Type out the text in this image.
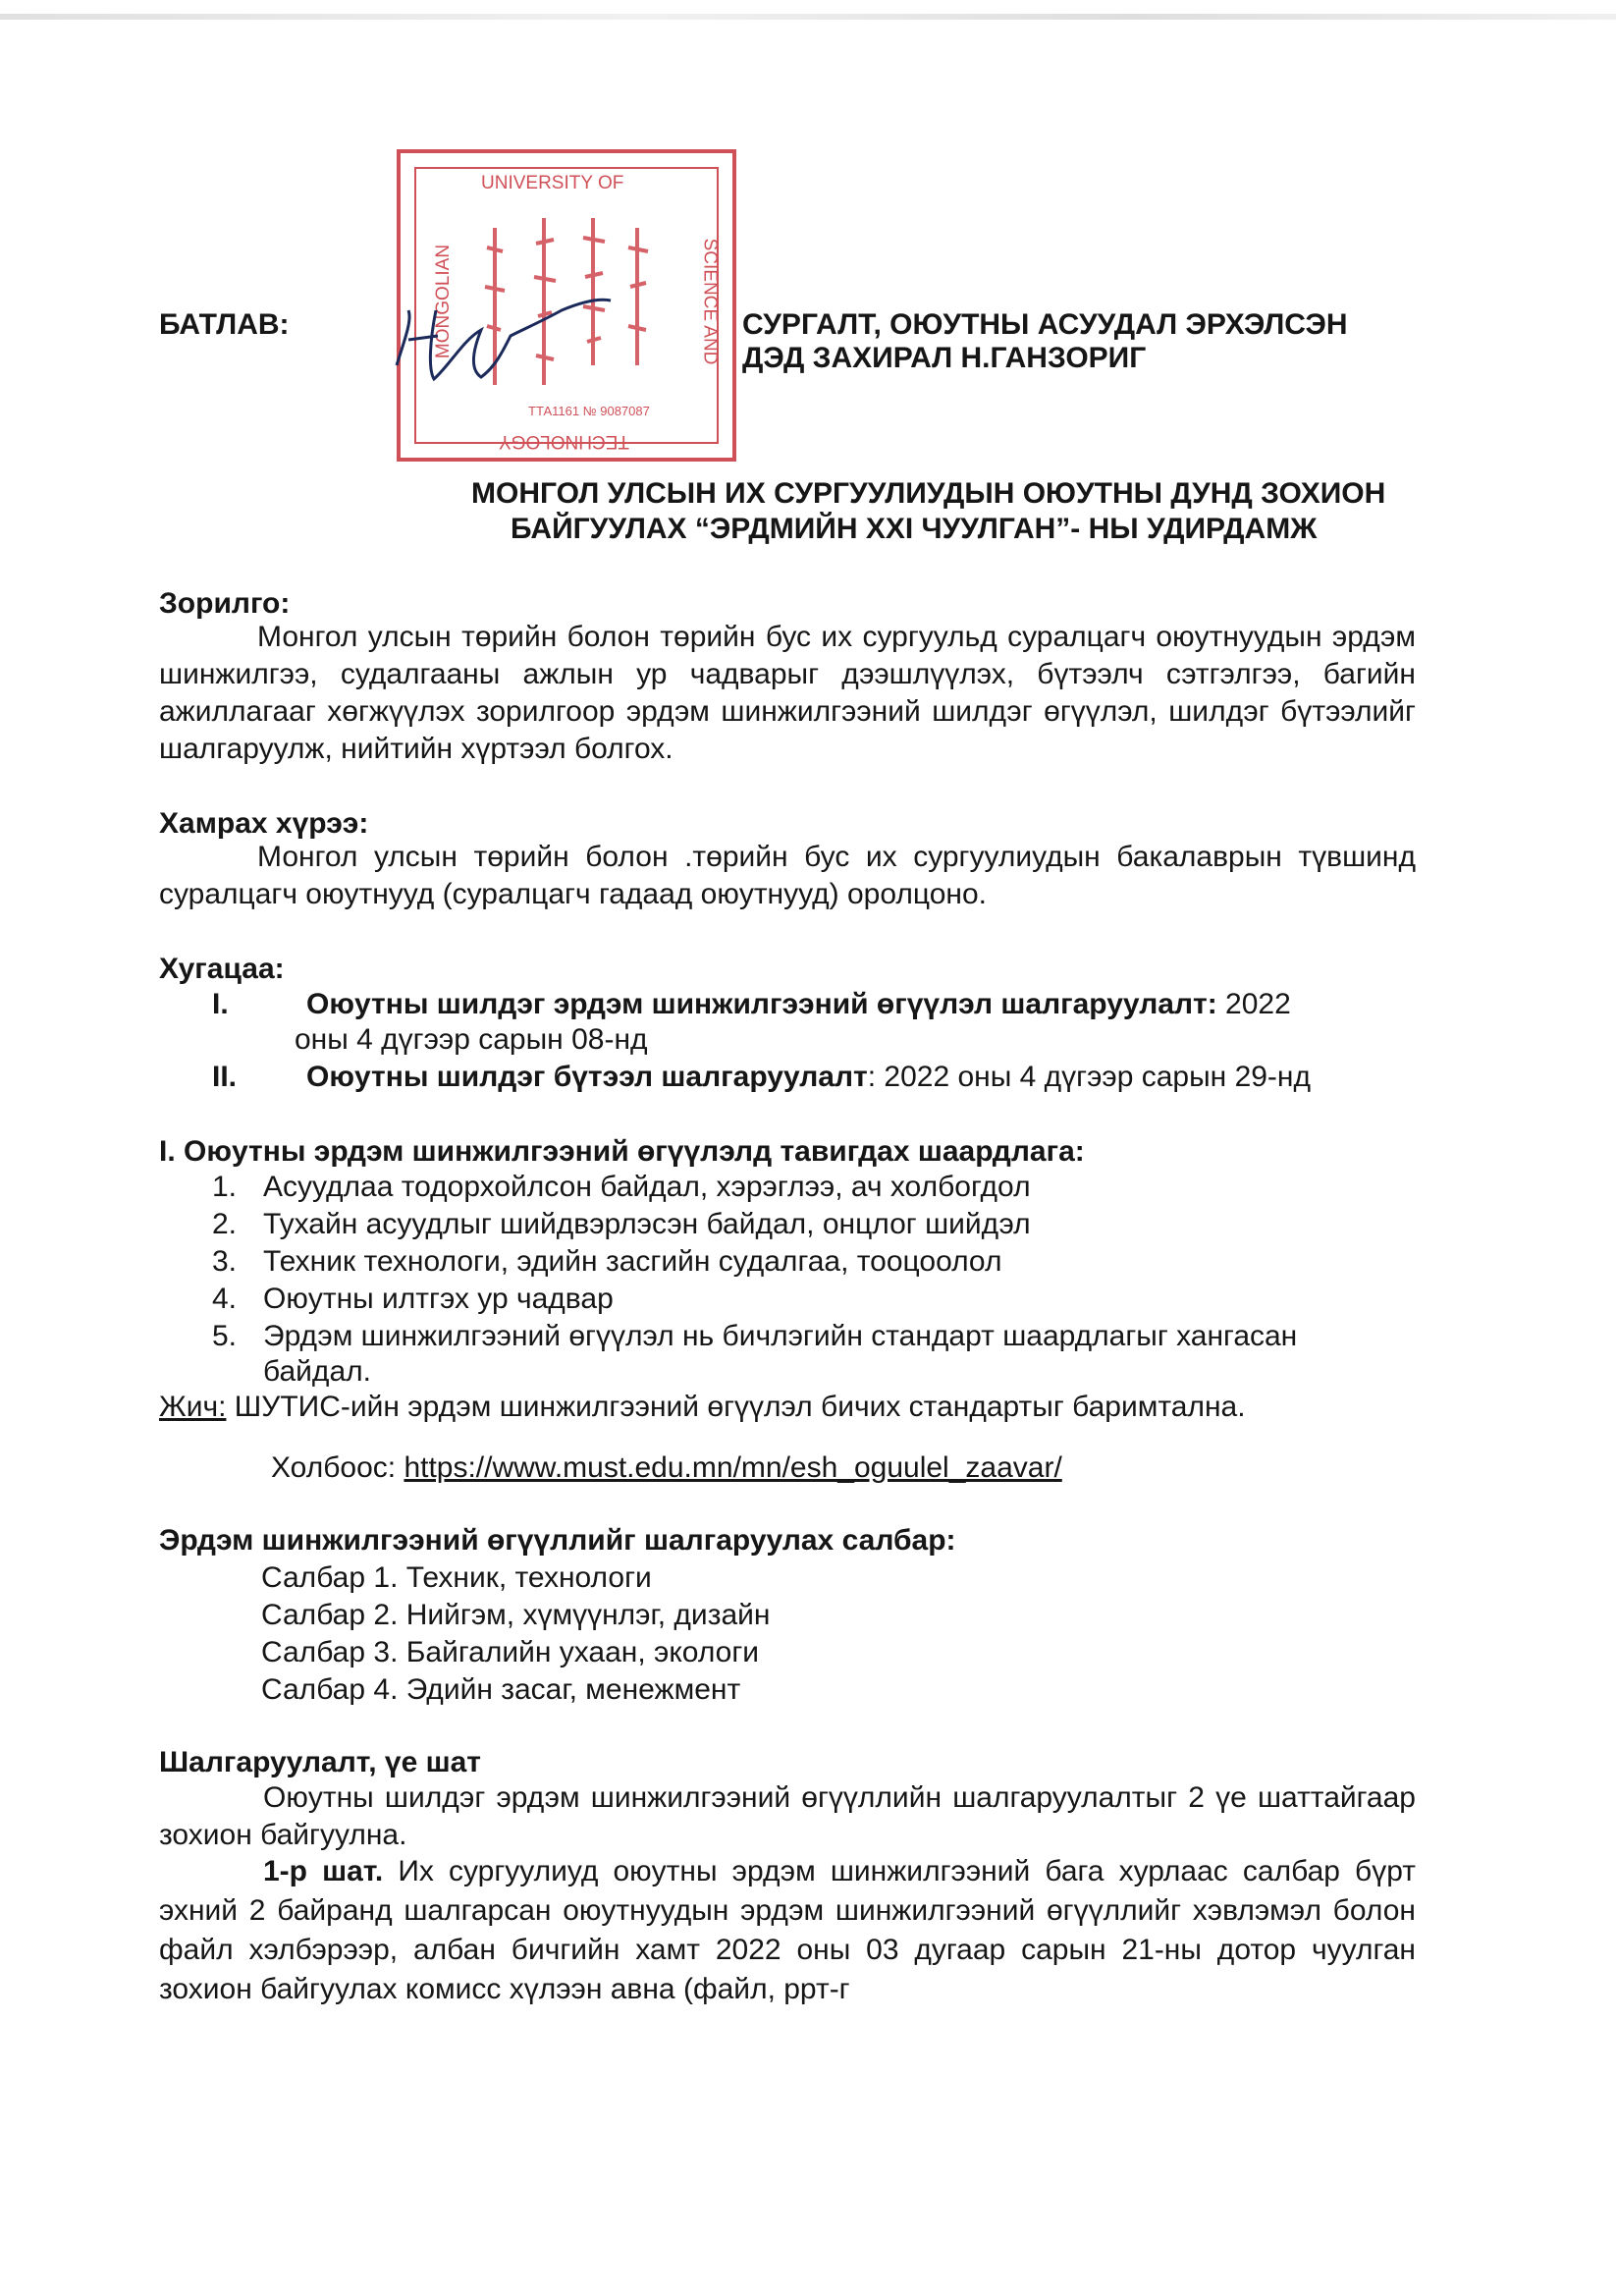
БАТЛАВ:	СУРГАЛТ, ОЮУТНЫ АСУУДАЛ ЭРХЭЛСЭН
ДЭД ЗАХИРАЛ Н.ГАНЗОРИГ
UNIVERSITY OF
MONGOLIAN	SCIENCE AND
TECHNOLOGY
ТТА1161 № 9087087
МОНГОЛ УЛСЫН ИХ СУРГУУЛИУДЫН ОЮУТНЫ ДУНД ЗОХИОН
БАЙГУУЛАХ “ЭРДМИЙН XXI ЧУУЛГАН”- НЫ УДИРДАМЖ
Зорилго:
Монгол улсын төрийн болон төрийн бус их сургуульд суралцагч оюутнуудын эрдэм шинжилгээ, судалгааны ажлын ур чадварыг дээшлүүлэх, бүтээлч сэтгэлгээ, багийн ажиллагааг хөгжүүлэх зорилгоор эрдэм шинжилгээний шилдэг өгүүлэл, шилдэг бүтээлийг шалгаруулж, нийтийн хүртээл болгох.
Хамрах хүрээ:
Монгол улсын төрийн болон .төрийн бус их сургуулиудын бакалаврын түвшинд суралцагч оюутнууд (суралцагч гадаад оюутнууд) оролцоно.
Хугацаа:
I.	Оюутны шилдэг эрдэм шинжилгээний өгүүлэл шалгаруулалт: 2022
оны 4 дүгээр сарын 08-нд
II. Оюутны шилдэг бүтээл шалгаруулалт: 2022 оны 4 дүгээр сарын 29-нд
I. Оюутны эрдэм шинжилгээний өгүүлэлд тавигдах шаардлага:
1. Асуудлаа тодорхойлсон байдал, хэрэглээ, ач холбогдол
2. Тухайн асуудлыг шийдвэрлэсэн байдал, онцлог шийдэл
3. Техник технологи, эдийн засгийн судалгаа, тооцоолол
4. Оюутны илтгэх ур чадвар
5. Эрдэм шинжилгээний өгүүлэл нь бичлэгийн стандарт шаардлагыг хангасан
байдал.
Жич: ШУТИС-ийн эрдэм шинжилгээний өгүүлэл бичих стандартыг баримтална.
Холбоос: https://www.must.edu.mn/mn/esh_oguulel_zaavar/
Эрдэм шинжилгээний өгүүллийг шалгаруулах салбар:
Салбар 1. Техник, технологи
Салбар 2. Нийгэм, хүмүүнлэг, дизайн
Салбар 3. Байгалийн ухаан, экологи
Салбар 4. Эдийн засаг, менежмент
Шалгаруулалт, үе шат
Оюутны шилдэг эрдэм шинжилгээний өгүүллийн шалгаруулалтыг 2 үе шаттайгаар зохион байгуулна.
1-р шат. Их сургуулиуд оюутны эрдэм шинжилгээний бага хурлаас салбар бүрт эхний 2 байранд шалгарсан оюутнуудын эрдэм шинжилгээний өгүүллийг хэвлэмэл болон файл хэлбэрээр, албан бичгийн хамт 2022 оны 03 дугаар сарын 21-ны дотор чуулган зохион байгуулах комисс хүлээн авна (файл, ррт-г
